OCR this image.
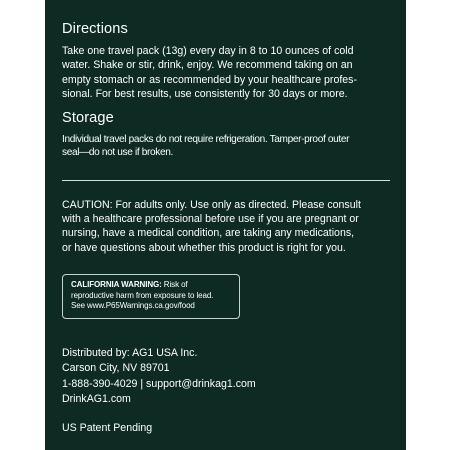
Directions

Take one travel pack (13g) every day in 8 to 10 ounces of cold
water. Shake or stir, drink, enjoy. We recommend taking on an
empty stomach or as recommended by your healthcare profes-
sional. For best results, use consistently for 30 days or more.

Storage

Individual travel packs do not require refrigeration. Tamper-proof outer
seal—do not use if broken.

CAUTION: For adults only. Use only as directed. Please consult
with a healthcare professional before use if you are pregnant or
nursing, have a medical condition, are taking any medications,
or have questions about whether this product is right for you.

CALIFORNIA WARNING: Risk of
reproductive harm from exposure to lead.
See www.P65Warnings.ca.gov/food
Distributed by: AG1 USA Inc.
Carson City, NV 89701
1-888-390-4029 | support@drinkag1.com
DrinkAG1.com
US Patent Pending
